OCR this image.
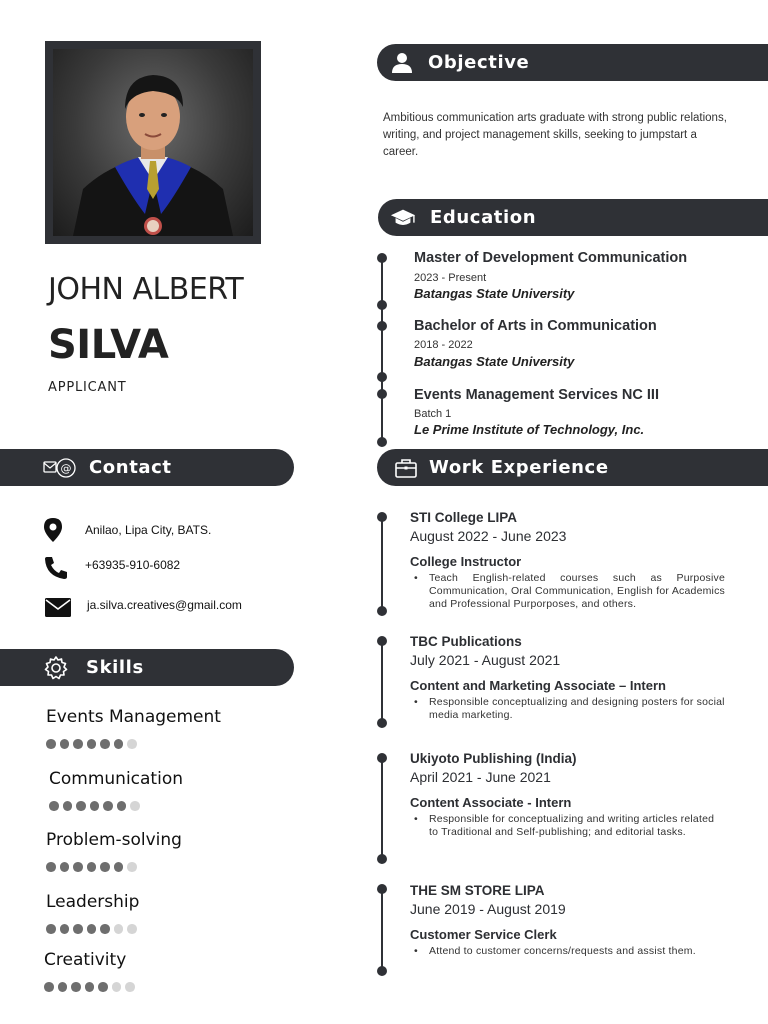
JOHN ALBERT
SILVA
APPLICANT
Objective
Ambitious communication arts graduate with strong public relations, writing, and project management skills, seeking to jumpstart a career.
Education
Master of Development Communication
2023 - Present
Batangas State University
Bachelor of Arts in Communication
2018 - 2022
Batangas State University
Events Management Services NC III
Batch 1
Le Prime Institute of Technology, Inc.
@ Contact
Anilao, Lipa City, BATS.
+63935-910-6082
ja.silva.creatives@gmail.com
Skills
Events Management
Communication
Problem-solving
Leadership
Creativity
Work Experience
STI College LIPA
August 2022 - June 2023
College Instructor
• Teach English-related courses such as Purposive Communication, Oral Communication, English for Academics and Professional Purporposes, and others.
TBC Publications
July 2021 - August 2021
Content and Marketing Associate – Intern
• Responsible conceptualizing and designing posters for social media marketing.
Ukiyoto Publishing (India)
April 2021 - June 2021
Content Associate - Intern
• Responsible for conceptualizing and writing articles related to Traditional and Self-publishing; and editorial tasks.
THE SM STORE LIPA
June 2019 - August 2019
Customer Service Clerk
• Attend to customer concerns/requests and assist them.
